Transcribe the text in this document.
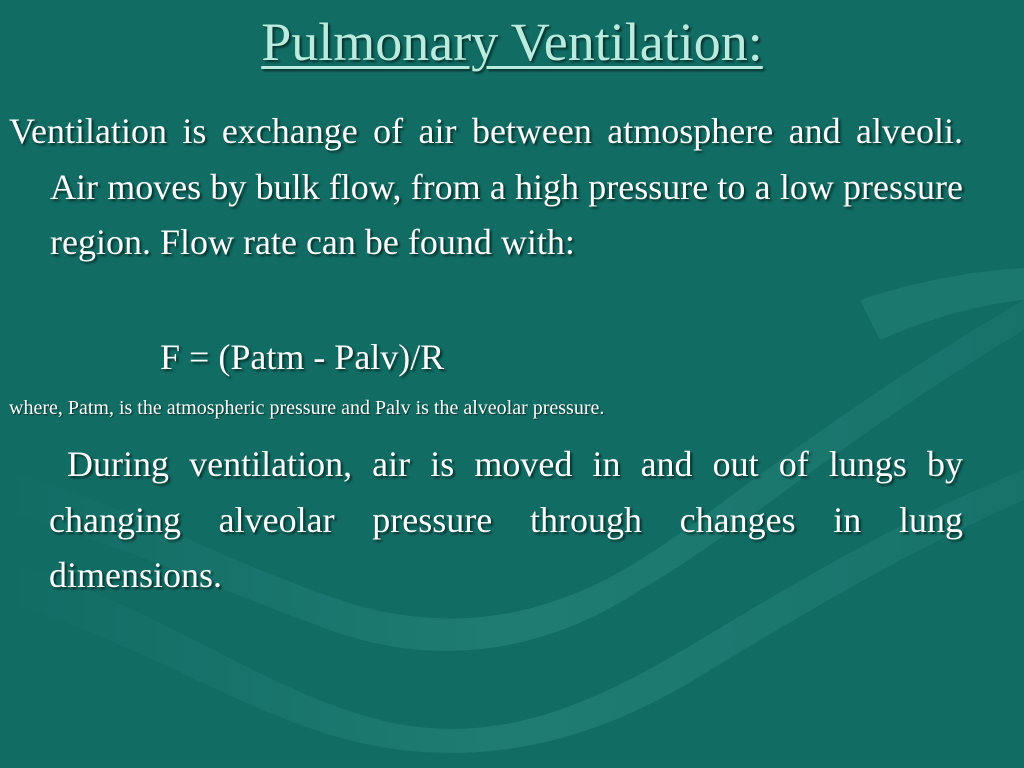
Pulmonary Ventilation:

Ventilation is exchange of air between atmosphere and alveoli. Air moves by bulk flow, from a high pressure to a low pressure region. Flow rate can be found with:

F = (Patm - Palv)/R

where, Patm, is the atmospheric pressure and Palv is the alveolar pressure.

During ventilation, air is moved in and out of lungs by changing alveolar pressure through changes in lung dimensions.
